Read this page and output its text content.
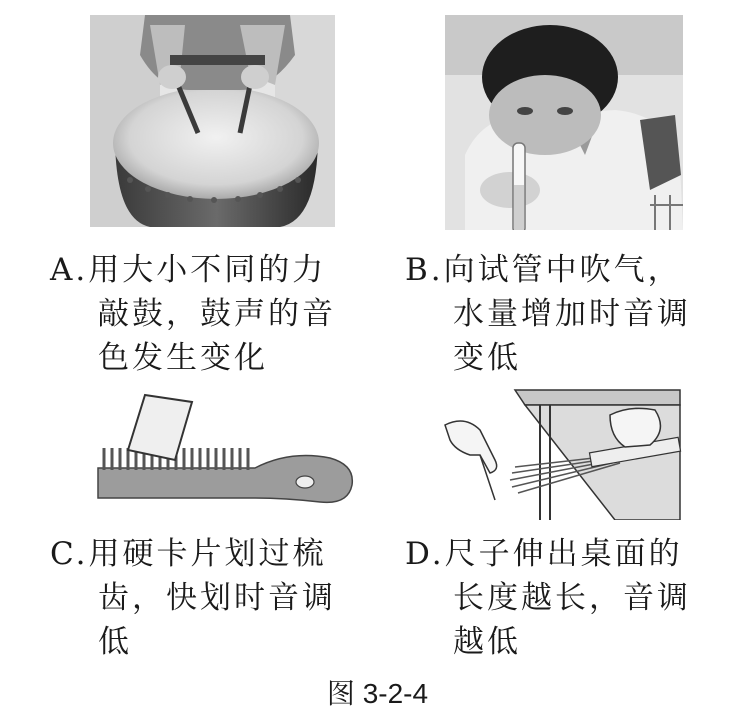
A.用大小不同的力
敲鼓，鼓声的音
色发生变化
B.向试管中吹气，
水量增加时音调
变低
C.用硬卡片划过梳
齿，快划时音调
低
D.尺子伸出桌面的
长度越长，音调
越低
图 3-2-4
